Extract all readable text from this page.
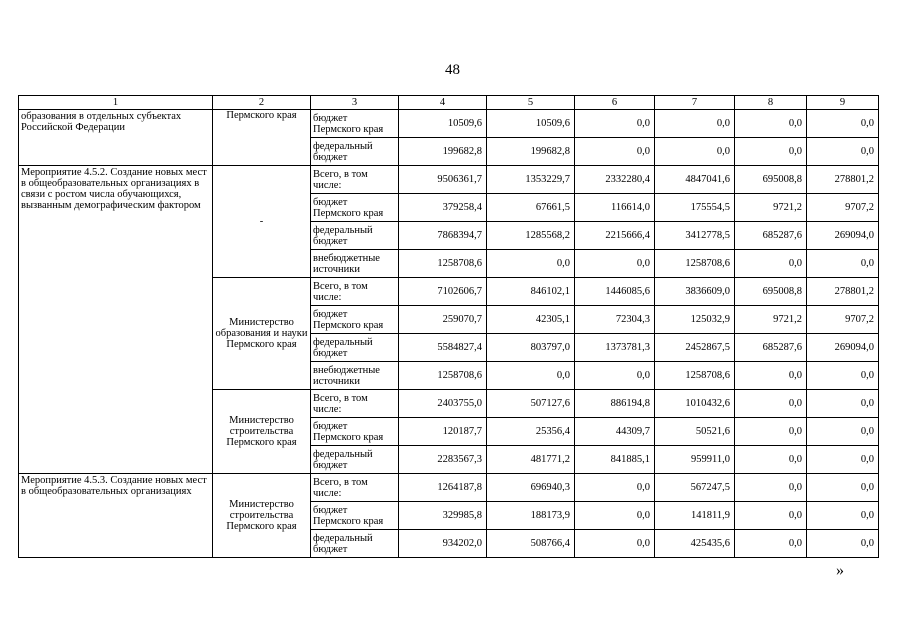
48
1	2	3	4	5	6	7	8	9
образования в отдельных субъектах Российской Федерации	Пермского края	бюджет Пермского края	10509,6	10509,6	0,0	0,0	0,0	0,0
		федеральный бюджет	199682,8	199682,8	0,0	0,0	0,0	0,0
Мероприятие 4.5.2. Создание новых мест в общеобразовательных организациях в связи с ростом числа обучающихся, вызванным демографическим фактором	-	Всего, в том числе:	9506361,7	1353229,7	2332280,4	4847041,6	695008,8	278801,2
		бюджет Пермского края	379258,4	67661,5	116614,0	175554,5	9721,2	9707,2
		федеральный бюджет	7868394,7	1285568,2	2215666,4	3412778,5	685287,6	269094,0
		внебюджетные источники	1258708,6	0,0	0,0	1258708,6	0,0	0,0
	Министерство образования и науки Пермского края	Всего, в том числе:	7102606,7	846102,1	1446085,6	3836609,0	695008,8	278801,2
		бюджет Пермского края	259070,7	42305,1	72304,3	125032,9	9721,2	9707,2
		федеральный бюджет	5584827,4	803797,0	1373781,3	2452867,5	685287,6	269094,0
		внебюджетные источники	1258708,6	0,0	0,0	1258708,6	0,0	0,0
	Министерство строительства Пермского края	Всего, в том числе:	2403755,0	507127,6	886194,8	1010432,6	0,0	0,0
		бюджет Пермского края	120187,7	25356,4	44309,7	50521,6	0,0	0,0
		федеральный бюджет	2283567,3	481771,2	841885,1	959911,0	0,0	0,0
Мероприятие 4.5.3. Создание новых мест в общеобразовательных организациях	Министерство строительства Пермского края	Всего, в том числе:	1264187,8	696940,3	0,0	567247,5	0,0	0,0
		бюджет Пермского края	329985,8	188173,9	0,0	141811,9	0,0	0,0
		федеральный бюджет	934202,0	508766,4	0,0	425435,6	0,0	0,0
»
